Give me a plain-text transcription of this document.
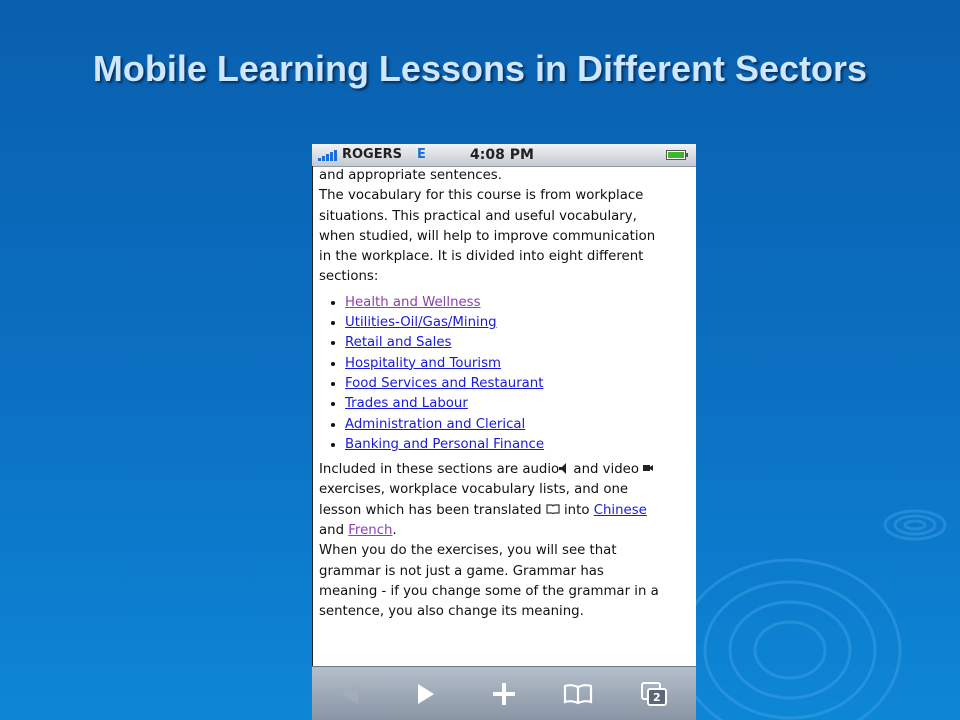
Mobile Learning Lessons in Different Sectors
ROGERS E	4:08 PM
and appropriate sentences.
The vocabulary for this course is from workplace
situations. This practical and useful vocabulary,
when studied, will help to improve communication
in the workplace. It is divided into eight different
sections:
• Health and Wellness
• Utilities-Oil/Gas/Mining
• Retail and Sales
• Hospitality and Tourism
• Food Services and Restaurant
• Trades and Labour
• Administration and Clerical
• Banking and Personal Finance
Included in these sections are audio and video
exercises, workplace vocabulary lists, and one
lesson which has been translated  into Chinese
and French.
When you do the exercises, you will see that
grammar is not just a game. Grammar has
meaning - if you change some of the grammar in a
sentence, you also change its meaning.
2
